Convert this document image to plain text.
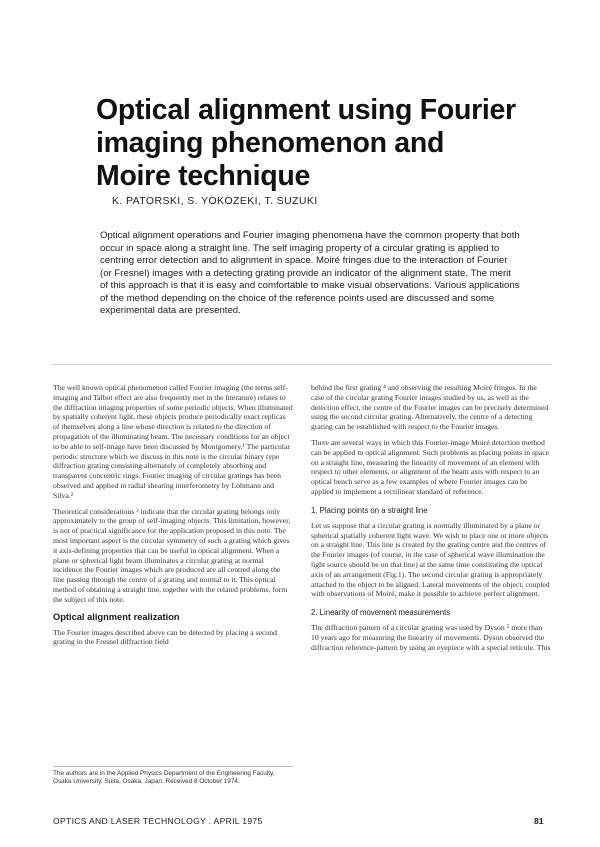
Optical alignment using Fourier imaging phenomenon and Moire technique

K. PATORSKI, S. YOKOZEKI, T. SUZUKI

Optical alignment operations and Fourier imaging phenomena have the common property that both occur in space along a straight line. The self imaging property of a circular grating is applied to centring error detection and to alignment in space. Moiré fringes due to the interaction of Fourier (or Fresnel) images with a detecting grating provide an indicator of the alignment state. The merit of this approach is that it is easy and comfortable to make visual observations. Various applications of the method depending on the choice of the reference points used are discussed and some experimental data are presented.

The well known optical phenomenon called Fourier imaging (the terms self-imaging and Talbot effect are also frequently met in the literature) relates to the diffraction imaging properties of some periodic objects. When illuminated by spatially coherent light, these objects produce periodically exact replicas of themselves along a line whose direction is related to the direction of propagation of the illuminating beam. The necessary conditions for an object to be able to self-image have been discussed by Montgomery.¹ The particular periodic structure which we discuss in this note is the circular binary type diffraction grating consisting alternately of completely absorbing and transparent concentric rings. Fourier imaging of circular gratings has been observed and applied in radial shearing interferometry by Lohmann and Silva.²

Theoretical considerations ³ indicate that the circular grating belongs only approximately to the group of self-imaging objects. This limitation, however, is not of practical significance for the application proposed in this note. The most important aspect is the circular symmetry of such a grating which gives it axis-defining properties that can be useful in optical alignment. When a plane or spherical light beam illuminates a circular grating at normal incidence the Fourier images which are produced are all centred along the line passing through the centre of a grating and normal to it. This optical method of obtaining a straight line, together with the related problems, form the subject of this note.

Optical alignment realization

The Fourier images described above can be detected by placing a second grating in the Fresnel diffraction field

behind the first grating ⁴ and observing the resulting Moiré fringes. In the case of the circular grating Fourier images studied by us, as well as the detection effect, the centre of the Fourier images can be precisely determined using the second circular grating. Alternatively, the centre of a detecting grating can be established with respect to the Fourier images.

There are several ways in which this Fourier-image Moiré detection method can be applied to optical alignment. Such problems as placing points in space on a straight line, measuring the linearity of movement of an element with respect to other elements, or alignment of the beam axis with respect to an optical bench serve as a few examples of where Fourier images can be applied to implement a rectilinear standard of reference.

1. Placing points on a straight line

Let us suppose that a circular grating is normally illuminated by a plane or spherical spatially coherent light wave. We wish to place one or more objects on a straight line. This line is created by the grating centre and the centres of the Fourier images (of course, in the case of spherical wave illumination the light source should be on that line) at the same time constituting the optical axis of an arrangement (Fig.1). The second circular grating is appropriately attached to the object to be aligned. Lateral movements of the object, coupled with observations of Moiré, make it possible to achieve perfect alignment.

2. Linearity of movement measurements

The diffraction pattern of a circular grating was used by Dyson ⁵ more than 10 years ago for measuring the linearity of movements. Dyson observed the diffraction reference-pattern by using an eyepiece with a special reticule. This

The authors are in the Applied Physics Department of the Engineering Faculty, Osaka University, Suita, Osaka, Japan. Received 8 October 1974.
OPTICS AND LASER TECHNOLOGY . APRIL 1975	81
